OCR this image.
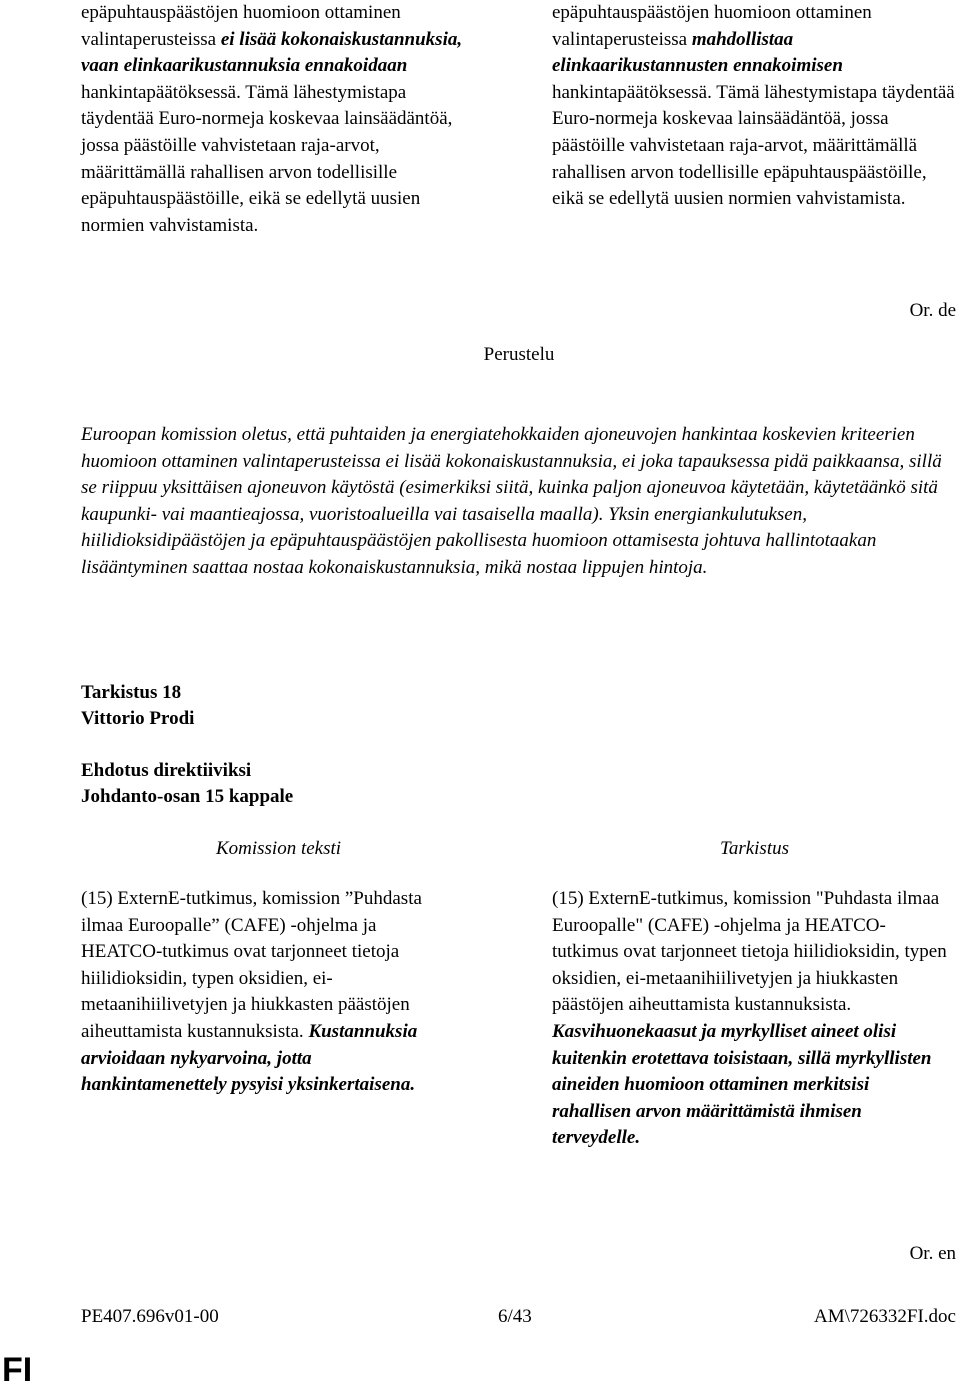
epäpuhtauspäästöjen huomioon ottaminen valintaperusteissa ei lisää kokonaiskustannuksia, vaan elinkaarikustannuksia ennakoidaan hankintapäätöksessä. Tämä lähestymistapa täydentää Euro-normeja koskevaa lainsäädäntöä, jossa päästöille vahvistetaan raja-arvot, määrittämällä rahallisen arvon todellisille epäpuhtauspäästöille, eikä se edellytä uusien normien vahvistamista.

epäpuhtauspäästöjen huomioon ottaminen valintaperusteissa mahdollistaa elinkaarikustannusten ennakoimisen hankintapäätöksessä. Tämä lähestymistapa täydentää Euro-normeja koskevaa lainsäädäntöä, jossa päästöille vahvistetaan raja-arvot, määrittämällä rahallisen arvon todellisille epäpuhtauspäästöille, eikä se edellytä uusien normien vahvistamista.

Or. de
Perustelu

Euroopan komission oletus, että puhtaiden ja energiatehokkaiden ajoneuvojen hankintaa koskevien kriteerien huomioon ottaminen valintaperusteissa ei lisää kokonaiskustannuksia, ei joka tapauksessa pidä paikkaansa, sillä se riippuu yksittäisen ajoneuvon käytöstä (esimerkiksi siitä, kuinka paljon ajoneuvoa käytetään, käytetäänkö sitä kaupunki- vai maantieajossa, vuoristoalueilla vai tasaisella maalla). Yksin energiankulutuksen, hiilidioksidipäästöjen ja epäpuhtauspäästöjen pakollisesta huomioon ottamisesta johtuva hallintotaakan lisääntyminen saattaa nostaa kokonaiskustannuksia, mikä nostaa lippujen hintoja.

Tarkistus 18
Vittorio Prodi
Ehdotus direktiiviksi
Johdanto-osan 15 kappale
Komission teksti	Tarkistus

(15) ExternE-tutkimus, komission ”Puhdasta ilmaa Euroopalle” (CAFE) -ohjelma ja HEATCO-tutkimus ovat tarjonneet tietoja hiilidioksidin, typen oksidien, ei-metaanihiilivetyjen ja hiukkasten päästöjen aiheuttamista kustannuksista. Kustannuksia arvioidaan nykyarvoina, jotta hankintamenettely pysyisi yksinkertaisena.

(15) ExternE-tutkimus, komission "Puhdasta ilmaa Euroopalle" (CAFE) -ohjelma ja HEATCO-tutkimus ovat tarjonneet tietoja hiilidioksidin, typen oksidien, ei-metaanihiilivetyjen ja hiukkasten päästöjen aiheuttamista kustannuksista. Kasvihuonekaasut ja myrkylliset aineet olisi kuitenkin erotettava toisistaan, sillä myrkyllisten aineiden huomioon ottaminen merkitsisi rahallisen arvon määrittämistä ihmisen terveydelle.

Or. en
PE407.696v01-00	6/43	AM\726332FI.doc
FI
